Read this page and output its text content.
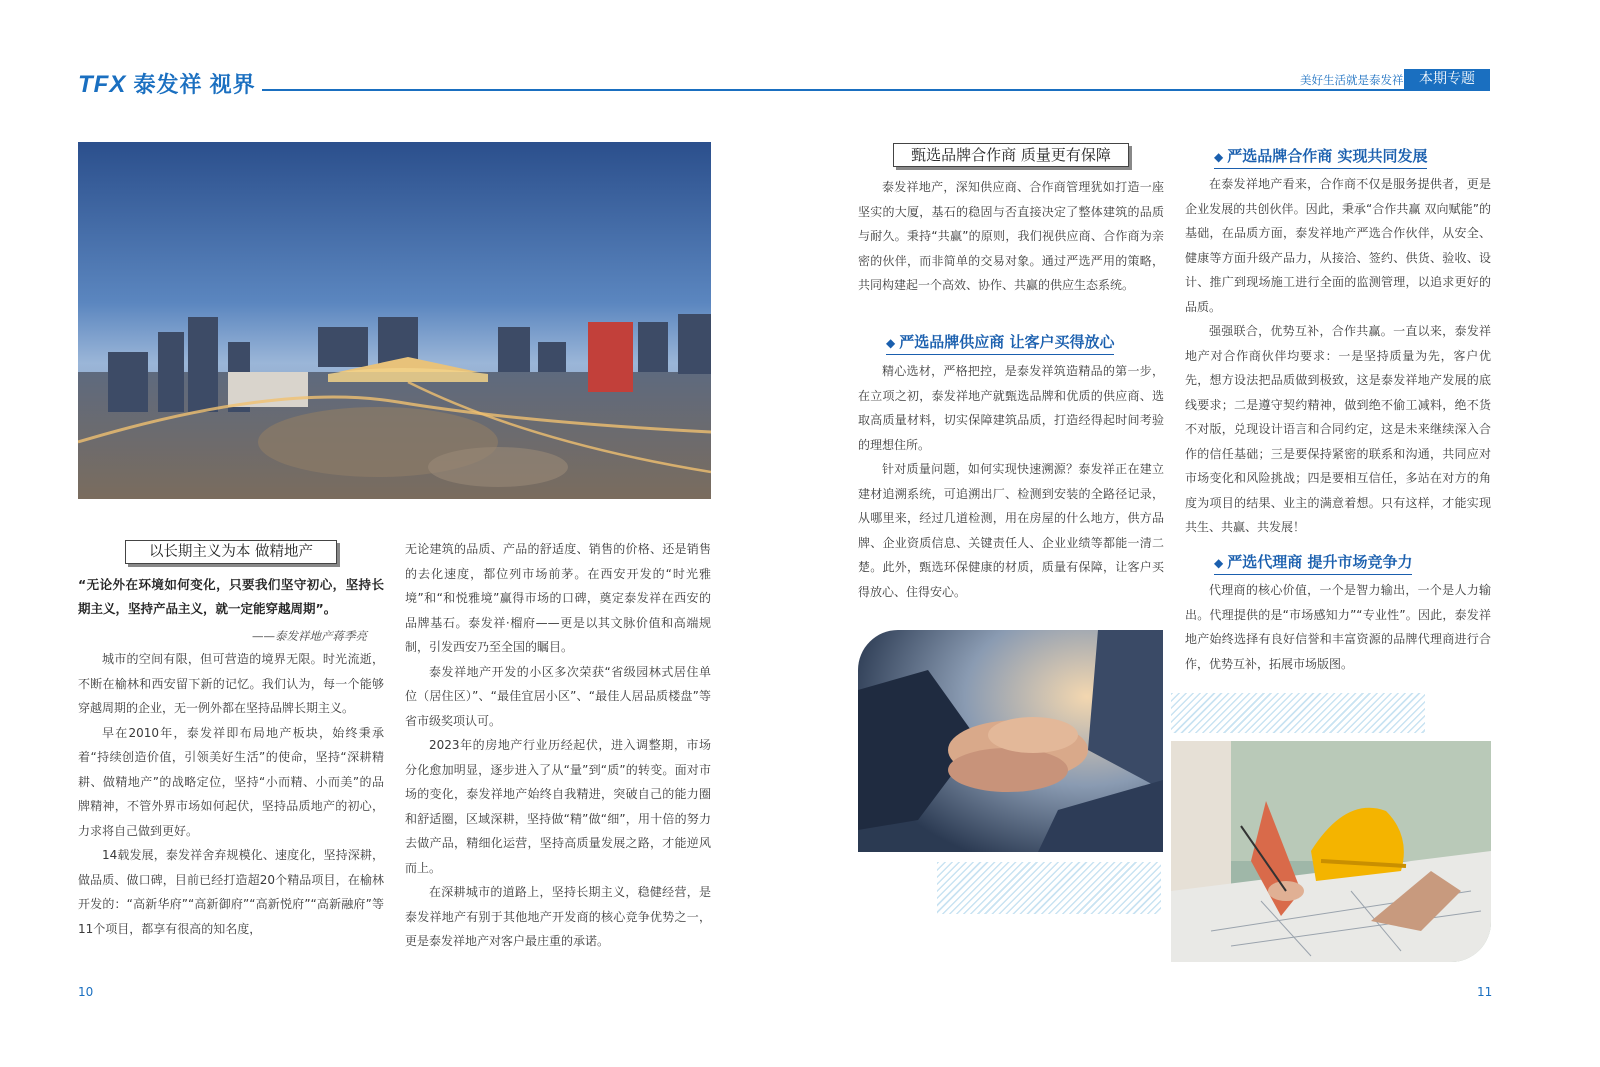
TFX 泰发祥 视界	美好生活就是泰发祥	本期专题
以长期主义为本 做精地产
“无论外在环境如何变化，只要我们坚守初心，坚持长期主义，坚持产品主义，就一定能穿越周期”。
——泰发祥地产蒋季亮

城市的空间有限，但可营造的境界无限。时光流逝，不断在榆林和西安留下新的记忆。我们认为，每一个能够穿越周期的企业，无一例外都在坚持品牌长期主义。

早在2010年，泰发祥即布局地产板块，始终秉承着“持续创造价值，引领美好生活”的使命，坚持“深耕精耕、做精地产”的战略定位，坚持“小而精、小而美”的品牌精神，不管外界市场如何起伏，坚持品质地产的初心，力求将自己做到更好。

14载发展，泰发祥舍弃规模化、速度化，坚持深耕，做品质、做口碑，目前已经打造超20个精品项目，在榆林开发的：“高新华府”“高新御府”“高新悦府”“高新融府”等11个项目，都享有很高的知名度，

无论建筑的品质、产品的舒适度、销售的价格、还是销售的去化速度，都位列市场前茅。在西安开发的“时光雅境”和“和悦雅境”赢得市场的口碑，奠定泰发祥在西安的品牌基石。泰发祥·榴府——更是以其文脉价值和高端规制，引发西安乃至全国的瞩目。

泰发祥地产开发的小区多次荣获“省级园林式居住单位（居住区）”、“最佳宜居小区”、“最佳人居品质楼盘”等省市级奖项认可。

2023年的房地产行业历经起伏，进入调整期，市场分化愈加明显，逐步进入了从“量”到“质”的转变。面对市场的变化，泰发祥地产始终自我精进，突破自己的能力圈和舒适圈，区域深耕，坚持做“精”做“细”，用十倍的努力去做产品，精细化运营，坚持高质量发展之路，才能逆风而上。

在深耕城市的道路上，坚持长期主义，稳健经营，是泰发祥地产有别于其他地产开发商的核心竞争优势之一，更是泰发祥地产对客户最庄重的承诺。

10
甄选品牌合作商 质量更有保障

泰发祥地产，深知供应商、合作商管理犹如打造一座坚实的大厦，基石的稳固与否直接决定了整体建筑的品质与耐久。秉持“共赢”的原则，我们视供应商、合作商为亲密的伙伴，而非简单的交易对象。通过严选严用的策略，共同构建起一个高效、协作、共赢的供应生态系统。

◆ 严选品牌供应商 让客户买得放心

精心选材，严格把控，是泰发祥筑造精品的第一步，在立项之初，泰发祥地产就甄选品牌和优质的供应商、选取高质量材料，切实保障建筑品质，打造经得起时间考验的理想住所。

针对质量问题，如何实现快速溯源？泰发祥正在建立建材追溯系统，可追溯出厂、检测到安装的全路径记录，从哪里来，经过几道检测，用在房屋的什么地方，供方品牌、企业资质信息、关键责任人、企业业绩等都能一清二楚。此外，甄选环保健康的材质，质量有保障，让客户买得放心、住得安心。

◆ 严选品牌合作商 实现共同发展

在泰发祥地产看来，合作商不仅是服务提供者，更是企业发展的共创伙伴。因此，秉承“合作共赢 双向赋能”的基础，在品质方面，泰发祥地产严选合作伙伴，从安全、健康等方面升级产品力，从接洽、签约、供货、验收、设计、推广到现场施工进行全面的监测管理，以追求更好的品质。

强强联合，优势互补，合作共赢。一直以来，泰发祥地产对合作商伙伴均要求：一是坚持质量为先，客户优先，想方设法把品质做到极致，这是泰发祥地产发展的底线要求；二是遵守契约精神，做到绝不偷工减料，绝不货不对版，兑现设计语言和合同约定，这是未来继续深入合作的信任基础；三是要保持紧密的联系和沟通，共同应对市场变化和风险挑战；四是要相互信任，多站在对方的角度为项目的结果、业主的满意着想。只有这样，才能实现共生、共赢、共发展！

◆ 严选代理商 提升市场竞争力

代理商的核心价值，一个是智力输出，一个是人力输出。代理提供的是“市场感知力”“专业性”。因此，泰发祥地产始终选择有良好信誉和丰富资源的品牌代理商进行合作，优势互补，拓展市场版图。

11
